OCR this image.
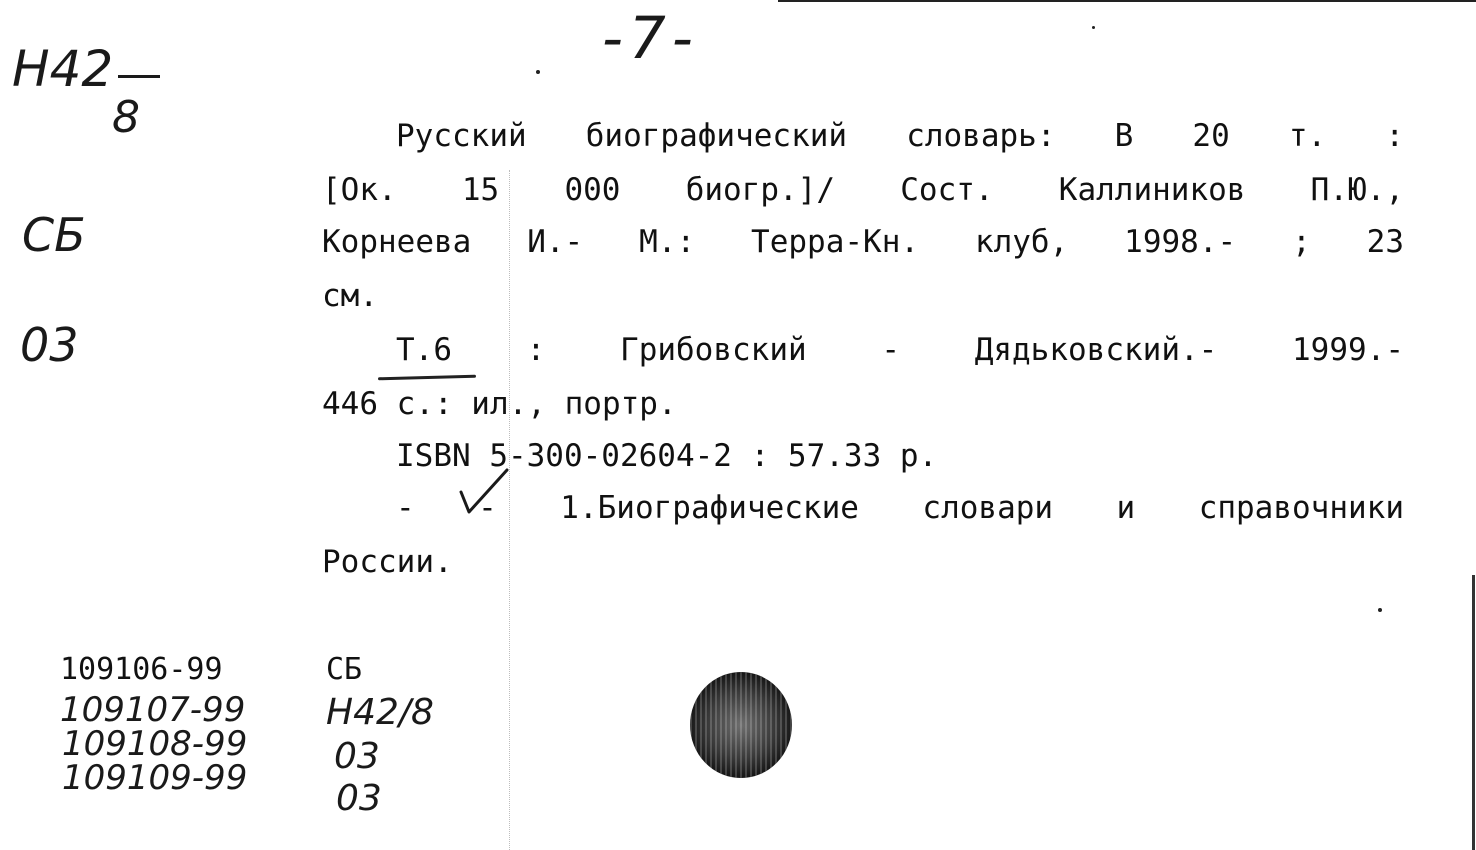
-7-
H42
8
СБ
03
Русский биографический словарь: В 20 т. :
[Ок. 15 000 биогр.]/ Сост. Каллиников П.Ю.,
Корнеева И.- М.: Терра-Кн. клуб, 1998.- ; 23
см.
Т.6 : Грибовский - Дядьковский.- 1999.-
446 с.: ил., портр.
ISBN 5-300-02604-2 : 57.33 р.
- - 1.Биографические словари и справочники
России.
109106-99
109107-99
109108-99
109109-99
СБ
H42/8
03
03
